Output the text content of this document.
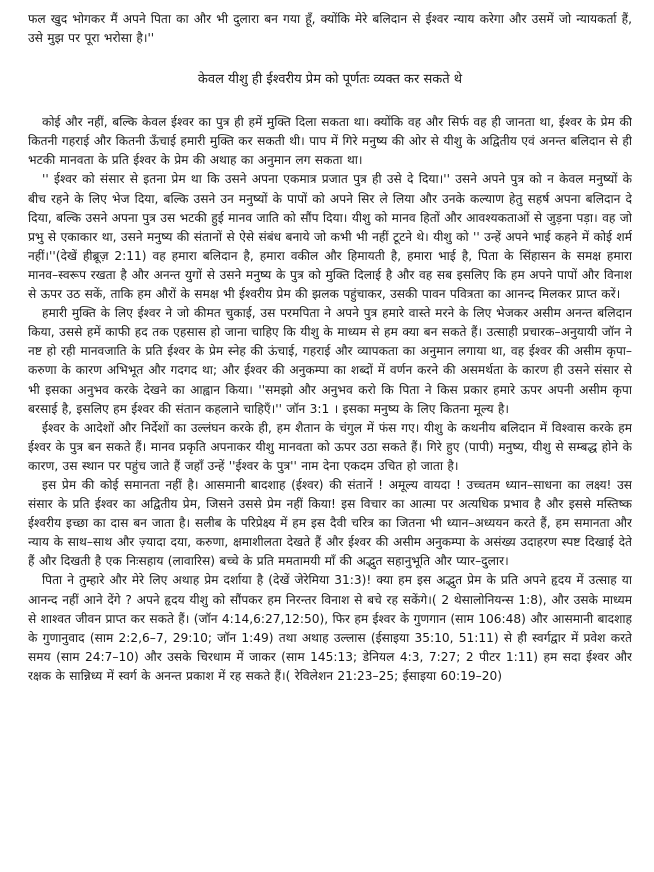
फल खुद भोगकर मैं अपने पिता का और भी दुलारा बन गया हूँ, क्योंकि मेरे बलिदान से ईश्वर न्याय करेगा और उसमें जो न्यायकर्ता हैं, उसे मुझ पर पूरा भरोसा है।''

केवल यीशु ही ईश्वरीय प्रेम को पूर्णतः व्यक्त कर सकते थे

कोई और नहीं, बल्कि केवल ईश्वर का पुत्र ही हमें मुक्ति दिला सकता था। क्योंकि वह और सिर्फ वह ही जानता था, ईश्वर के प्रेम की कितनी गहराई और कितनी ऊँचाई हमारी मुक्ति कर सकती थी। पाप में गिरे मनुष्य की ओर से यीशु के अद्वितीय एवं अनन्त बलिदान से ही भटकी मानवता के प्रति ईश्वर के प्रेम की अथाह का अनुमान लग सकता था।

'' ईश्वर को संसार से इतना प्रेम था कि उसने अपना एकमात्र प्रजात पुत्र ही उसे दे दिया।'' उसने अपने पुत्र को न केवल मनुष्यों के बीच रहने के लिए भेज दिया, बल्कि उसने उन मनुष्यों के पापों को अपने सिर ले लिया और उनके कल्याण हेतु सहर्ष अपना बलिदान दे दिया, बल्कि उसने अपना पुत्र उस भटकी हुई मानव जाति को सौंप दिया। यीशु को मानव हितों और आवश्यकताओं से जुड़ना पड़ा। वह जो प्रभु से एकाकार था, उसने मनुष्य की संतानों से ऐसे संबंध बनाये जो कभी भी नहीं टूटने थे। यीशु को '' उन्हें अपने भाई कहने में कोई शर्म नहीं।''(देखें हीब्रूज़ 2:11) वह हमारा बलिदान है, हमारा वकील और हिमायती है, हमारा भाई है, पिता के सिंहासन के समक्ष हमारा मानव–स्वरूप रखता है और अनन्त युगों से उसने मनुष्य के पुत्र को मुक्ति दिलाई है और वह सब इसलिए कि हम अपने पापों और विनाश से ऊपर उठ सकें, ताकि हम औरों के समक्ष भी ईश्वरीय प्रेम की झलक पहुंचाकर, उसकी पावन पवित्रता का आनन्द मिलकर प्राप्त करें।

हमारी मुक्ति के लिए ईश्वर ने जो कीमत चुकाई, उस परमपिता ने अपने पुत्र हमारे वास्ते मरने के लिए भेजकर असीम अनन्त बलिदान किया, उससे हमें काफी हद तक एहसास हो जाना चाहिए कि यीशु के माध्यम से हम क्या बन सकते हैं। उत्साही प्रचारक–अनुयायी जॉन ने नष्ट हो रही मानवजाति के प्रति ईश्वर के प्रेम स्नेह की ऊंचाई, गहराई और व्यापकता का अनुमान लगाया था, वह ईश्वर की असीम कृपा–करुणा के कारण अभिभूत और गदगद था; और ईश्वर की अनुकम्पा का शब्दों में वर्णन करने की असमर्थता के कारण ही उसने संसार से भी इसका अनुभव करके देखने का आह्वान किया। ''समझो और अनुभव करो कि पिता ने किस प्रकार हमारे ऊपर अपनी असीम कृपा बरसाई है, इसलिए हम ईश्वर की संतान कहलाने चाहिएँ।'' जॉन 3:1 । इसका मनुष्य के लिए कितना मूल्य है।

ईश्वर के आदेशों और निर्देशों का उल्लंघन करके ही, हम शैतान के चंगुल में फंस गए। यीशु के कथनीय बलिदान में विश्वास करके हम ईश्वर के पुत्र बन सकते हैं। मानव प्रकृति अपनाकर यीशु मानवता को ऊपर उठा सकते हैं। गिरे हुए (पापी) मनुष्य, यीशु से सम्बद्ध होने के कारण, उस स्थान पर पहुंच जाते हैं जहाँ उन्हें ''ईश्वर के पुत्र'' नाम देना एकदम उचित हो जाता है।

इस प्रेम की कोई समानता नहीं है। आसमानी बादशाह (ईश्वर) की संतानें ! अमूल्य वायदा ! उच्चतम ध्यान–साधना का लक्ष्य! उस संसार के प्रति ईश्वर का अद्वितीय प्रेम, जिसने उससे प्रेम नहीं किया! इस विचार का आत्मा पर अत्यधिक प्रभाव है और इससे मस्तिष्क ईश्वरीय इच्छा का दास बन जाता है। सलीब के परिप्रेक्ष्य में हम इस दैवी चरित्र का जितना भी ध्यान–अध्ययन करते हैं, हम समानता और न्याय के साथ–साथ और ज़्यादा दया, करुणा, क्षमाशीलता देखते हैं और ईश्वर की असीम अनुकम्पा के असंख्य उदाहरण स्पष्ट दिखाई देते हैं और दिखती है एक निःसहाय (लावारिस) बच्चे के प्रति ममतामयी माँ की अद्भुत सहानुभूति और प्यार–दुलार।

पिता ने तुम्हारे और मेरे लिए अथाह प्रेम दर्शाया है (देखें जेरेमिया 31:3)! क्या हम इस अद्भुत प्रेम के प्रति अपने हृदय में उत्साह या आनन्द नहीं आने देंगे ? अपने हृदय यीशु को सौंपकर हम निरन्तर विनाश से बचे रह सकेंगे।( 2 थेसालोनियन्स 1:8), और उसके माध्यम से शाश्वत जीवन प्राप्त कर सकते हैं। (जॉन 4:14,6:27,12:50), फिर हम ईश्वर के गुणगान (साम 106:48) और आसमानी बादशाह के गुणानुवाद (साम 2:2,6–7, 29:10; जॉन 1:49) तथा अथाह उल्लास (ईसाइया 35:10, 51:11) से ही स्वर्गद्वार में प्रवेश करते समय (साम 24:7–10) और उसके चिरधाम में जाकर (साम 145:13; डेनियल 4:3, 7:27; 2 पीटर 1:11) हम सदा ईश्वर और रक्षक के सान्निध्य में स्वर्ग के अनन्त प्रकाश में रह सकते हैं।( रेविलेशन 21:23–25; ईसाइया 60:19–20)
